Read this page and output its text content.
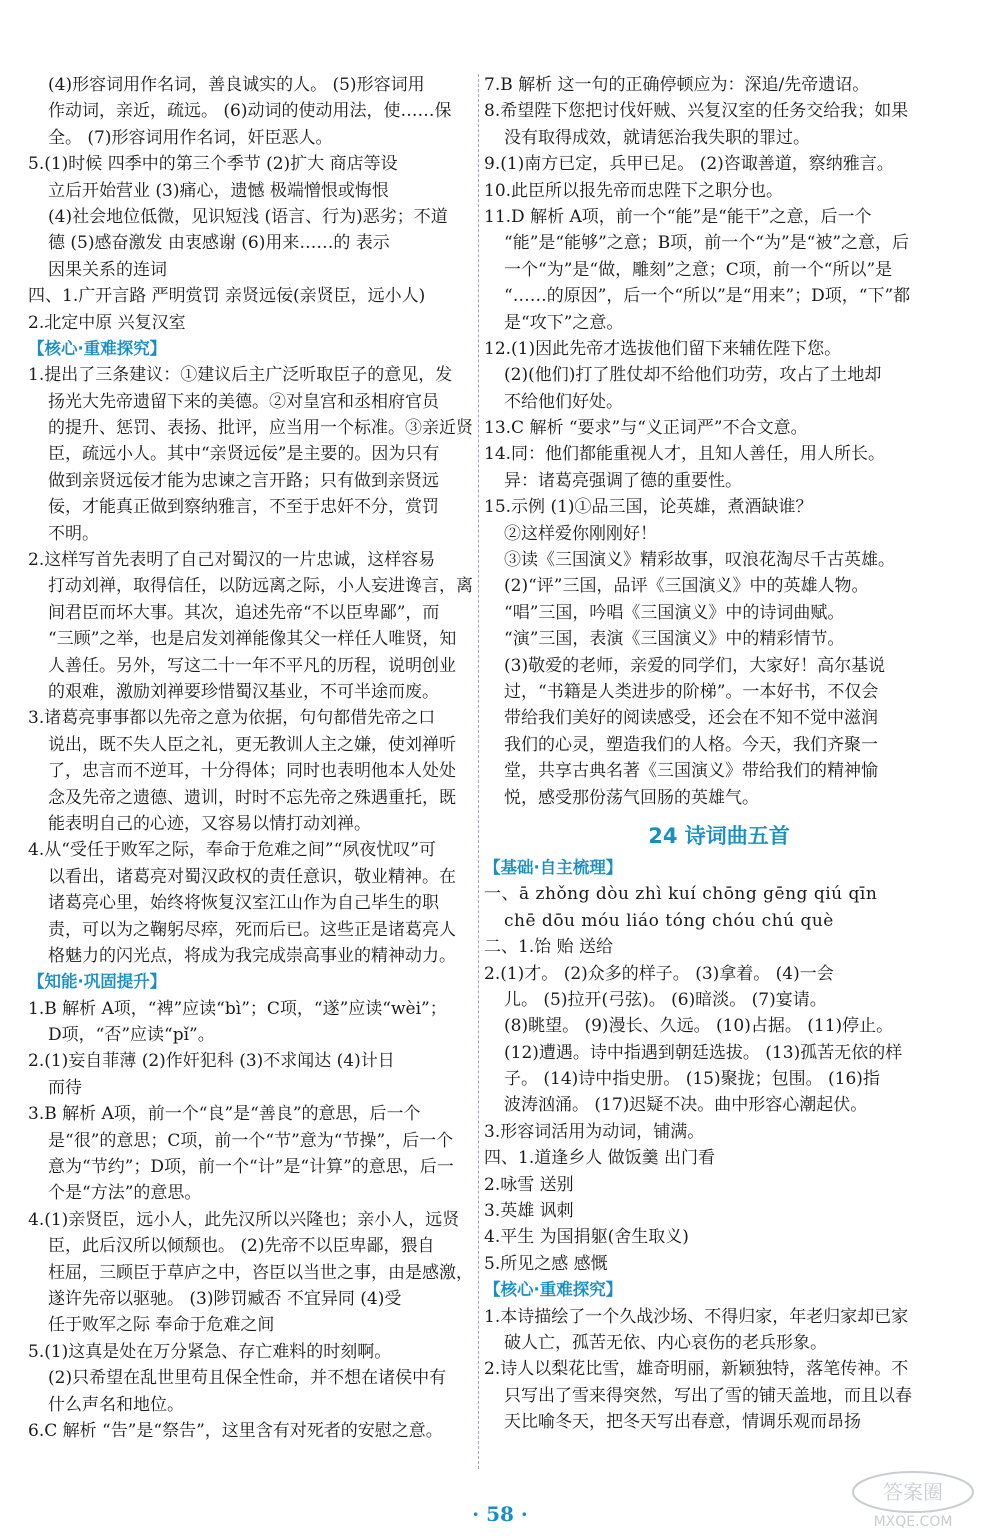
(4)形容词用作名词，善良诚实的人。 (5)形容词用
作动词，亲近，疏远。 (6)动词的使动用法，使……保
全。 (7)形容词用作名词，奸臣恶人。
5.(1)时候 四季中的第三个季节 (2)扩大 商店等设
立后开始营业 (3)痛心，遗憾 极端憎恨或悔恨
(4)社会地位低微，见识短浅 (语言、行为)恶劣；不道
德 (5)感奋激发 由衷感谢 (6)用来……的 表示
因果关系的连词
四、1.广开言路 严明赏罚 亲贤远佞(亲贤臣，远小人)
2.北定中原 兴复汉室
【核心·重难探究】
1.提出了三条建议：①建议后主广泛听取臣子的意见，发
扬光大先帝遗留下来的美德。②对皇宫和丞相府官员
的提升、惩罚、表扬、批评，应当用一个标准。③亲近贤
臣，疏远小人。其中“亲贤远佞”是主要的。因为只有
做到亲贤远佞才能为忠谏之言开路；只有做到亲贤远
佞，才能真正做到察纳雅言，不至于忠奸不分，赏罚
不明。
2.这样写首先表明了自己对蜀汉的一片忠诚，这样容易
打动刘禅，取得信任，以防远离之际，小人妄进谗言，离
间君臣而坏大事。其次，追述先帝“不以臣卑鄙”，而
“三顾”之举，也是启发刘禅能像其父一样任人唯贤，知
人善任。另外，写这二十一年不平凡的历程，说明创业
的艰难，激励刘禅要珍惜蜀汉基业，不可半途而废。
3.诸葛亮事事都以先帝之意为依据，句句都借先帝之口
说出，既不失人臣之礼，更无教训人主之嫌，使刘禅听
了，忠言而不逆耳，十分得体；同时也表明他本人处处
念及先帝之遗德、遗训，时时不忘先帝之殊遇重托，既
能表明自己的心迹，又容易以情打动刘禅。
4.从“受任于败军之际，奉命于危难之间”“夙夜忧叹”可
以看出，诸葛亮对蜀汉政权的责任意识，敬业精神。在
诸葛亮心里，始终将恢复汉室江山作为自己毕生的职
责，可以为之鞠躬尽瘁，死而后已。这些正是诸葛亮人
格魅力的闪光点，将成为我完成崇高事业的精神动力。
【知能·巩固提升】
1.B 解析 A项，“裨”应读“bì”；C项，“遂”应读“wèi”；
D项，“否”应读“pǐ”。
2.(1)妄自菲薄 (2)作奸犯科 (3)不求闻达 (4)计日
而待
3.B 解析 A项，前一个“良”是“善良”的意思，后一个
是“很”的意思；C项，前一个“节”意为“节操”，后一个
意为“节约”；D项，前一个“计”是“计算”的意思，后一
个是“方法”的意思。
4.(1)亲贤臣，远小人，此先汉所以兴隆也；亲小人，远贤
臣，此后汉所以倾颓也。 (2)先帝不以臣卑鄙，猥自
枉屈，三顾臣于草庐之中，咨臣以当世之事，由是感激，
遂许先帝以驱驰。 (3)陟罚臧否 不宜异同 (4)受
任于败军之际 奉命于危难之间
5.(1)这真是处在万分紧急、存亡难料的时刻啊。
(2)只希望在乱世里苟且保全性命，并不想在诸侯中有
什么声名和地位。
6.C 解析 “告”是“祭告”，这里含有对死者的安慰之意。
7.B 解析 这一句的正确停顿应为：深追/先帝遗诏。
8.希望陛下您把讨伐奸贼、兴复汉室的任务交给我；如果
没有取得成效，就请惩治我失职的罪过。
9.(1)南方已定，兵甲已足。 (2)咨诹善道，察纳雅言。
10.此臣所以报先帝而忠陛下之职分也。
11.D 解析 A项，前一个“能”是“能干”之意，后一个
“能”是“能够”之意；B项，前一个“为”是“被”之意，后
一个“为”是“做，雕刻”之意；C项，前一个“所以”是
“……的原因”，后一个“所以”是“用来”；D项，“下”都
是“攻下”之意。
12.(1)因此先帝才选拔他们留下来辅佐陛下您。
(2)(他们)打了胜仗却不给他们功劳，攻占了土地却
不给他们好处。
13.C 解析 “要求”与“义正词严”不合文意。
14.同：他们都能重视人才，且知人善任，用人所长。
异：诸葛亮强调了德的重要性。
15.示例 (1)①品三国，论英雄，煮酒缺谁？
②这样爱你刚刚好！
③读《三国演义》精彩故事，叹浪花淘尽千古英雄。
(2)“评”三国，品评《三国演义》中的英雄人物。
“唱”三国，吟唱《三国演义》中的诗词曲赋。
“演”三国，表演《三国演义》中的精彩情节。
(3)敬爱的老师，亲爱的同学们，大家好！高尔基说
过，“书籍是人类进步的阶梯”。一本好书，不仅会
带给我们美好的阅读感受，还会在不知不觉中滋润
我们的心灵，塑造我们的人格。今天，我们齐聚一
堂，共享古典名著《三国演义》带给我们的精神愉
悦，感受那份荡气回肠的英雄气。
24 诗词曲五首
【基础·自主梳理】
一、ā zhǒng dòu zhì kuí chōng gēng qiú qīn
chē dōu móu liáo tóng chóu chú què
二、1.饴 贻 送给
2.(1)才。 (2)众多的样子。 (3)拿着。 (4)一会
儿。 (5)拉开(弓弦)。 (6)暗淡。 (7)宴请。
(8)眺望。 (9)漫长、久远。 (10)占据。 (11)停止。
(12)遭遇。诗中指遇到朝廷选拔。 (13)孤苦无依的样
子。 (14)诗中指史册。 (15)聚拢；包围。 (16)指
波涛汹涌。 (17)迟疑不决。曲中形容心潮起伏。
3.形容词活用为动词，铺满。
四、1.道逢乡人 做饭羹 出门看
2.咏雪 送别
3.英雄 讽刺
4.平生 为国捐躯(舍生取义)
5.所见之感 感慨
【核心·重难探究】
1.本诗描绘了一个久战沙场、不得归家，年老归家却已家
破人亡，孤苦无依、内心哀伤的老兵形象。
2.诗人以梨花比雪，雄奇明丽，新颖独特，落笔传神。不
只写出了雪来得突然，写出了雪的铺天盖地，而且以春
天比喻冬天，把冬天写出春意，情调乐观而昂扬
· 58 ·
答案圈
MXQE.COM
